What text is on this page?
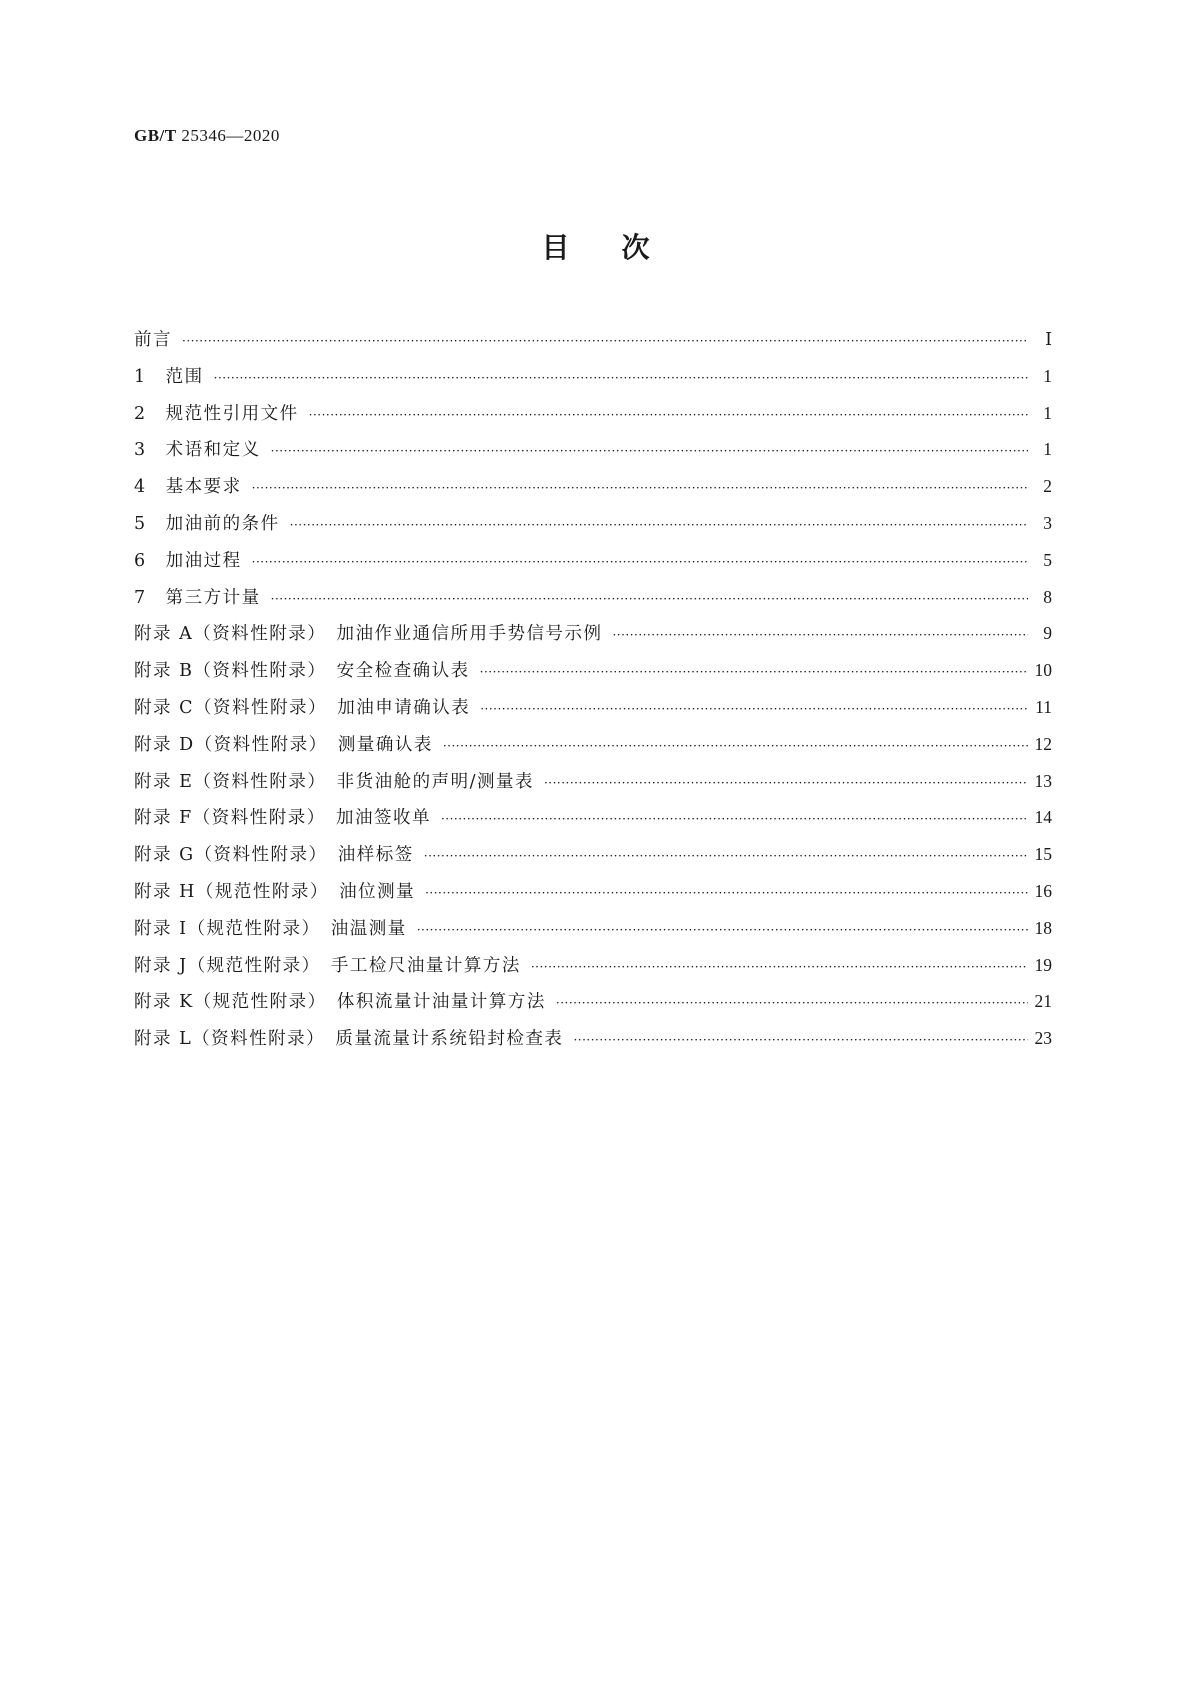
GB/T 25346—2020
目次
前言 ·····	Ⅰ
1　范围 ·····	1
2　规范性引用文件 ·····	1
3　术语和定义 ·····	1
4　基本要求 ·····	2
5　加油前的条件 ·····	3
6　加油过程 ·····	5
7　第三方计量 ·····	8
附录 A（资料性附录）　加油作业通信所用手势信号示例 ·····	9
附录 B（资料性附录）　安全检查确认表 ·····	10
附录 C（资料性附录）　加油申请确认表 ·····	11
附录 D（资料性附录）　测量确认表 ·····	12
附录 E（资料性附录）　非货油舱的声明/测量表 ·····	13
附录 F（资料性附录）　加油签收单 ·····	14
附录 G（资料性附录）　油样标签 ·····	15
附录 H（规范性附录）　油位测量 ·····	16
附录 I（规范性附录）　油温测量 ·····	18
附录 J（规范性附录）　手工检尺油量计算方法 ·····	19
附录 K（规范性附录）　体积流量计油量计算方法 ·····	21
附录 L（资料性附录）　质量流量计系统铅封检查表 ·····	23
